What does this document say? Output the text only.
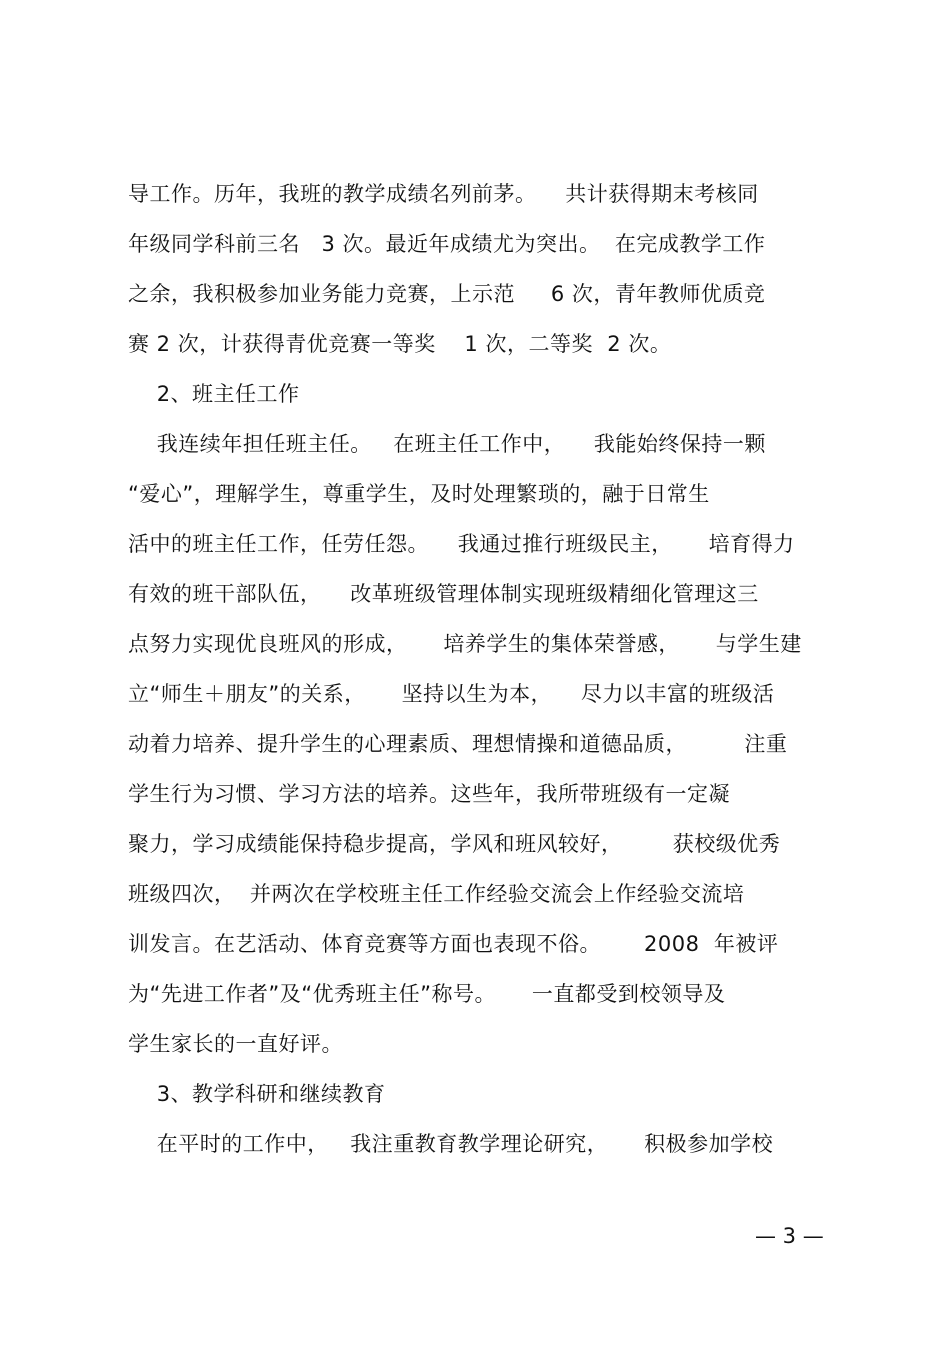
导工作。历年，我班的教学成绩名列前茅。    共计获得期末考核同
年级同学科前三名   3 次。最近年成绩尤为突出。  在完成教学工作
之余，我积极参加业务能力竞赛，上示范     6 次，青年教师优质竞
赛 2 次，计获得青优竞赛一等奖    1 次，二等奖  2 次。
2、班主任工作
我连续年担任班主任。   在班主任工作中，    我能始终保持一颗
“爱心”，理解学生，尊重学生，及时处理繁琐的，融于日常生
活中的班主任工作，任劳任怨。    我通过推行班级民主，     培育得力
有效的班干部队伍，    改革班级管理体制实现班级精细化管理这三
点努力实现优良班风的形成，     培养学生的集体荣誉感，     与学生建
立“师生＋朋友”的关系，     坚持以生为本，    尽力以丰富的班级活
动着力培养、提升学生的心理素质、理想情操和道德品质，        注重
学生行为习惯、学习方法的培养。这些年，我所带班级有一定凝
聚力，学习成绩能保持稳步提高，学风和班风较好，       获校级优秀
班级四次，  并两次在学校班主任工作经验交流会上作经验交流培
训发言。在艺活动、体育竞赛等方面也表现不俗。      2008  年被评
为“先进工作者”及“优秀班主任”称号。     一直都受到校领导及
学生家长的一直好评。
3、教学科研和继续教育
在平时的工作中，   我注重教育教学理论研究，     积极参加学校
— 3 —
